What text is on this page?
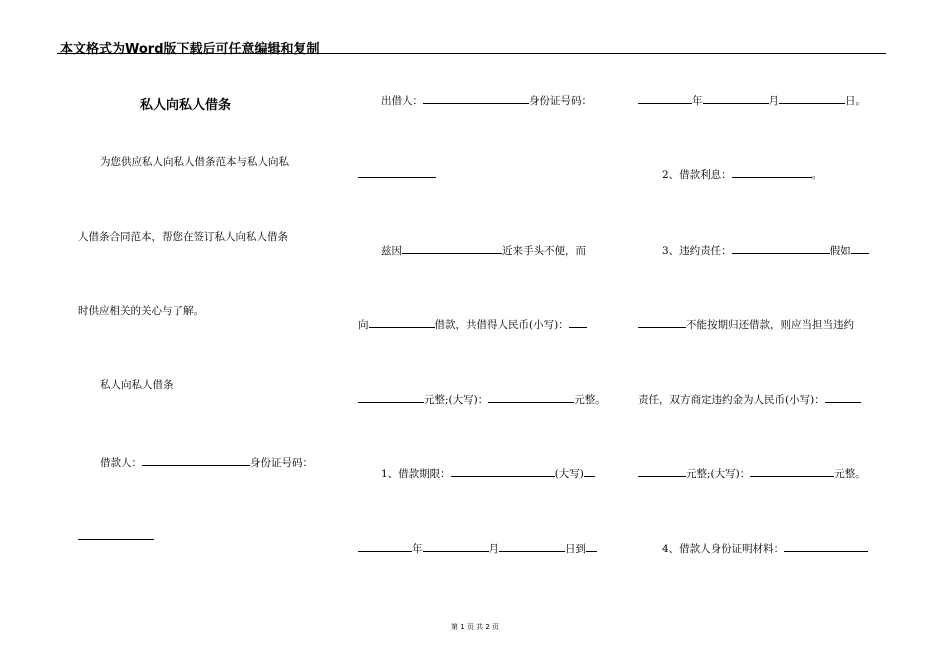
本文格式为Word版下载后可任意编辑和复制
私人向私人借条
为您供应私人向私人借条范本与私人向私
人借条合同范本，帮您在签订私人向私人借条
时供应相关的关心与了解。
私人向私人借条
借款人：	身份证号码：
出借人：	身份证号码：
兹因	近来手头不便，而
向	借款，共借得人民币(小写)：
元整;(大写)：	元整。
1、借款期限：	(大写)
年	月	日到
年	月	日。
2、借款利息：	。
3、违约责任：	假如
不能按期归还借款，则应当担当违约
责任，双方商定违约金为人民币(小写)：
元整;(大写)：	元整。
4、借款人身份证明材料：
第 1 页 共 2 页
